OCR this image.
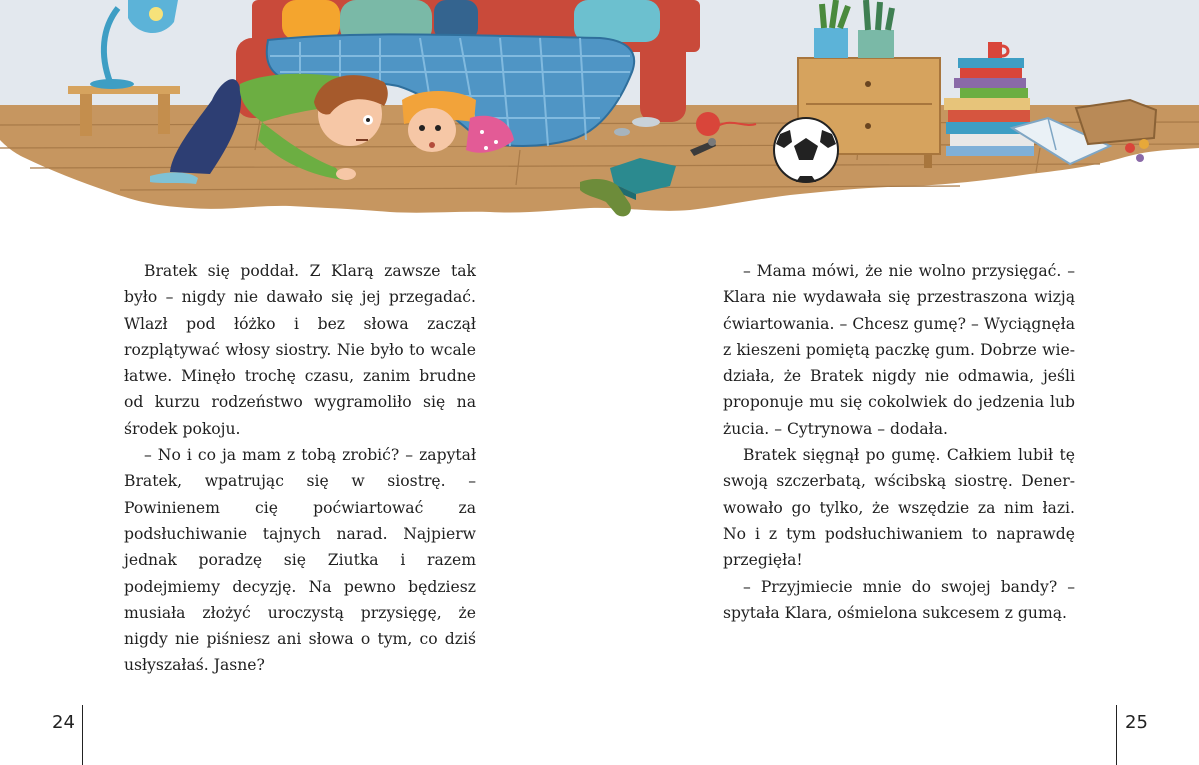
Bratek się poddał. Z Klarą zawsze tak było – nigdy nie dawało się jej przegadać. Wlazł pod łóżko i bez słowa zaczął rozplątywać włosy siostry. Nie było to wcale łatwe. Minęło trochę czasu, zanim brudne od kurzu rodzeństwo wygramoliło się na środek pokoju.

– No i co ja mam z tobą zrobić? – zapytał Bratek, wpatrując się w siostrę. – Powinienem cię poćwiartować za podsłuchiwanie tajnych narad. Najpierw jednak poradzę się Ziutka i razem podejmiemy decyzję. Na pewno będziesz musiała złożyć uroczystą przysięgę, że nigdy nie piśniesz ani słowa o tym, co dziś usłyszałaś. Jasne?

– Mama mówi, że nie wolno przysięgać. – Klara nie wydawała się przestraszona wizją ćwiartowania. – Chcesz gumę? – Wyciągnęła z kieszeni pomiętą paczkę gum. Dobrze wiedziała, że Bratek nigdy nie odmawia, jeśli proponuje mu się cokolwiek do jedzenia lub żucia. – Cytrynowa – dodała.

Bratek sięgnął po gumę. Całkiem lubił tę swoją szczerbatą, wścibską siostrę. Denerwowało go tylko, że wszędzie za nim łazi. No i z tym podsłuchiwaniem to naprawdę przegięła!

– Przyjmiecie mnie do swojej bandy? – spytała Klara, ośmielona sukcesem z gumą.

24	25
